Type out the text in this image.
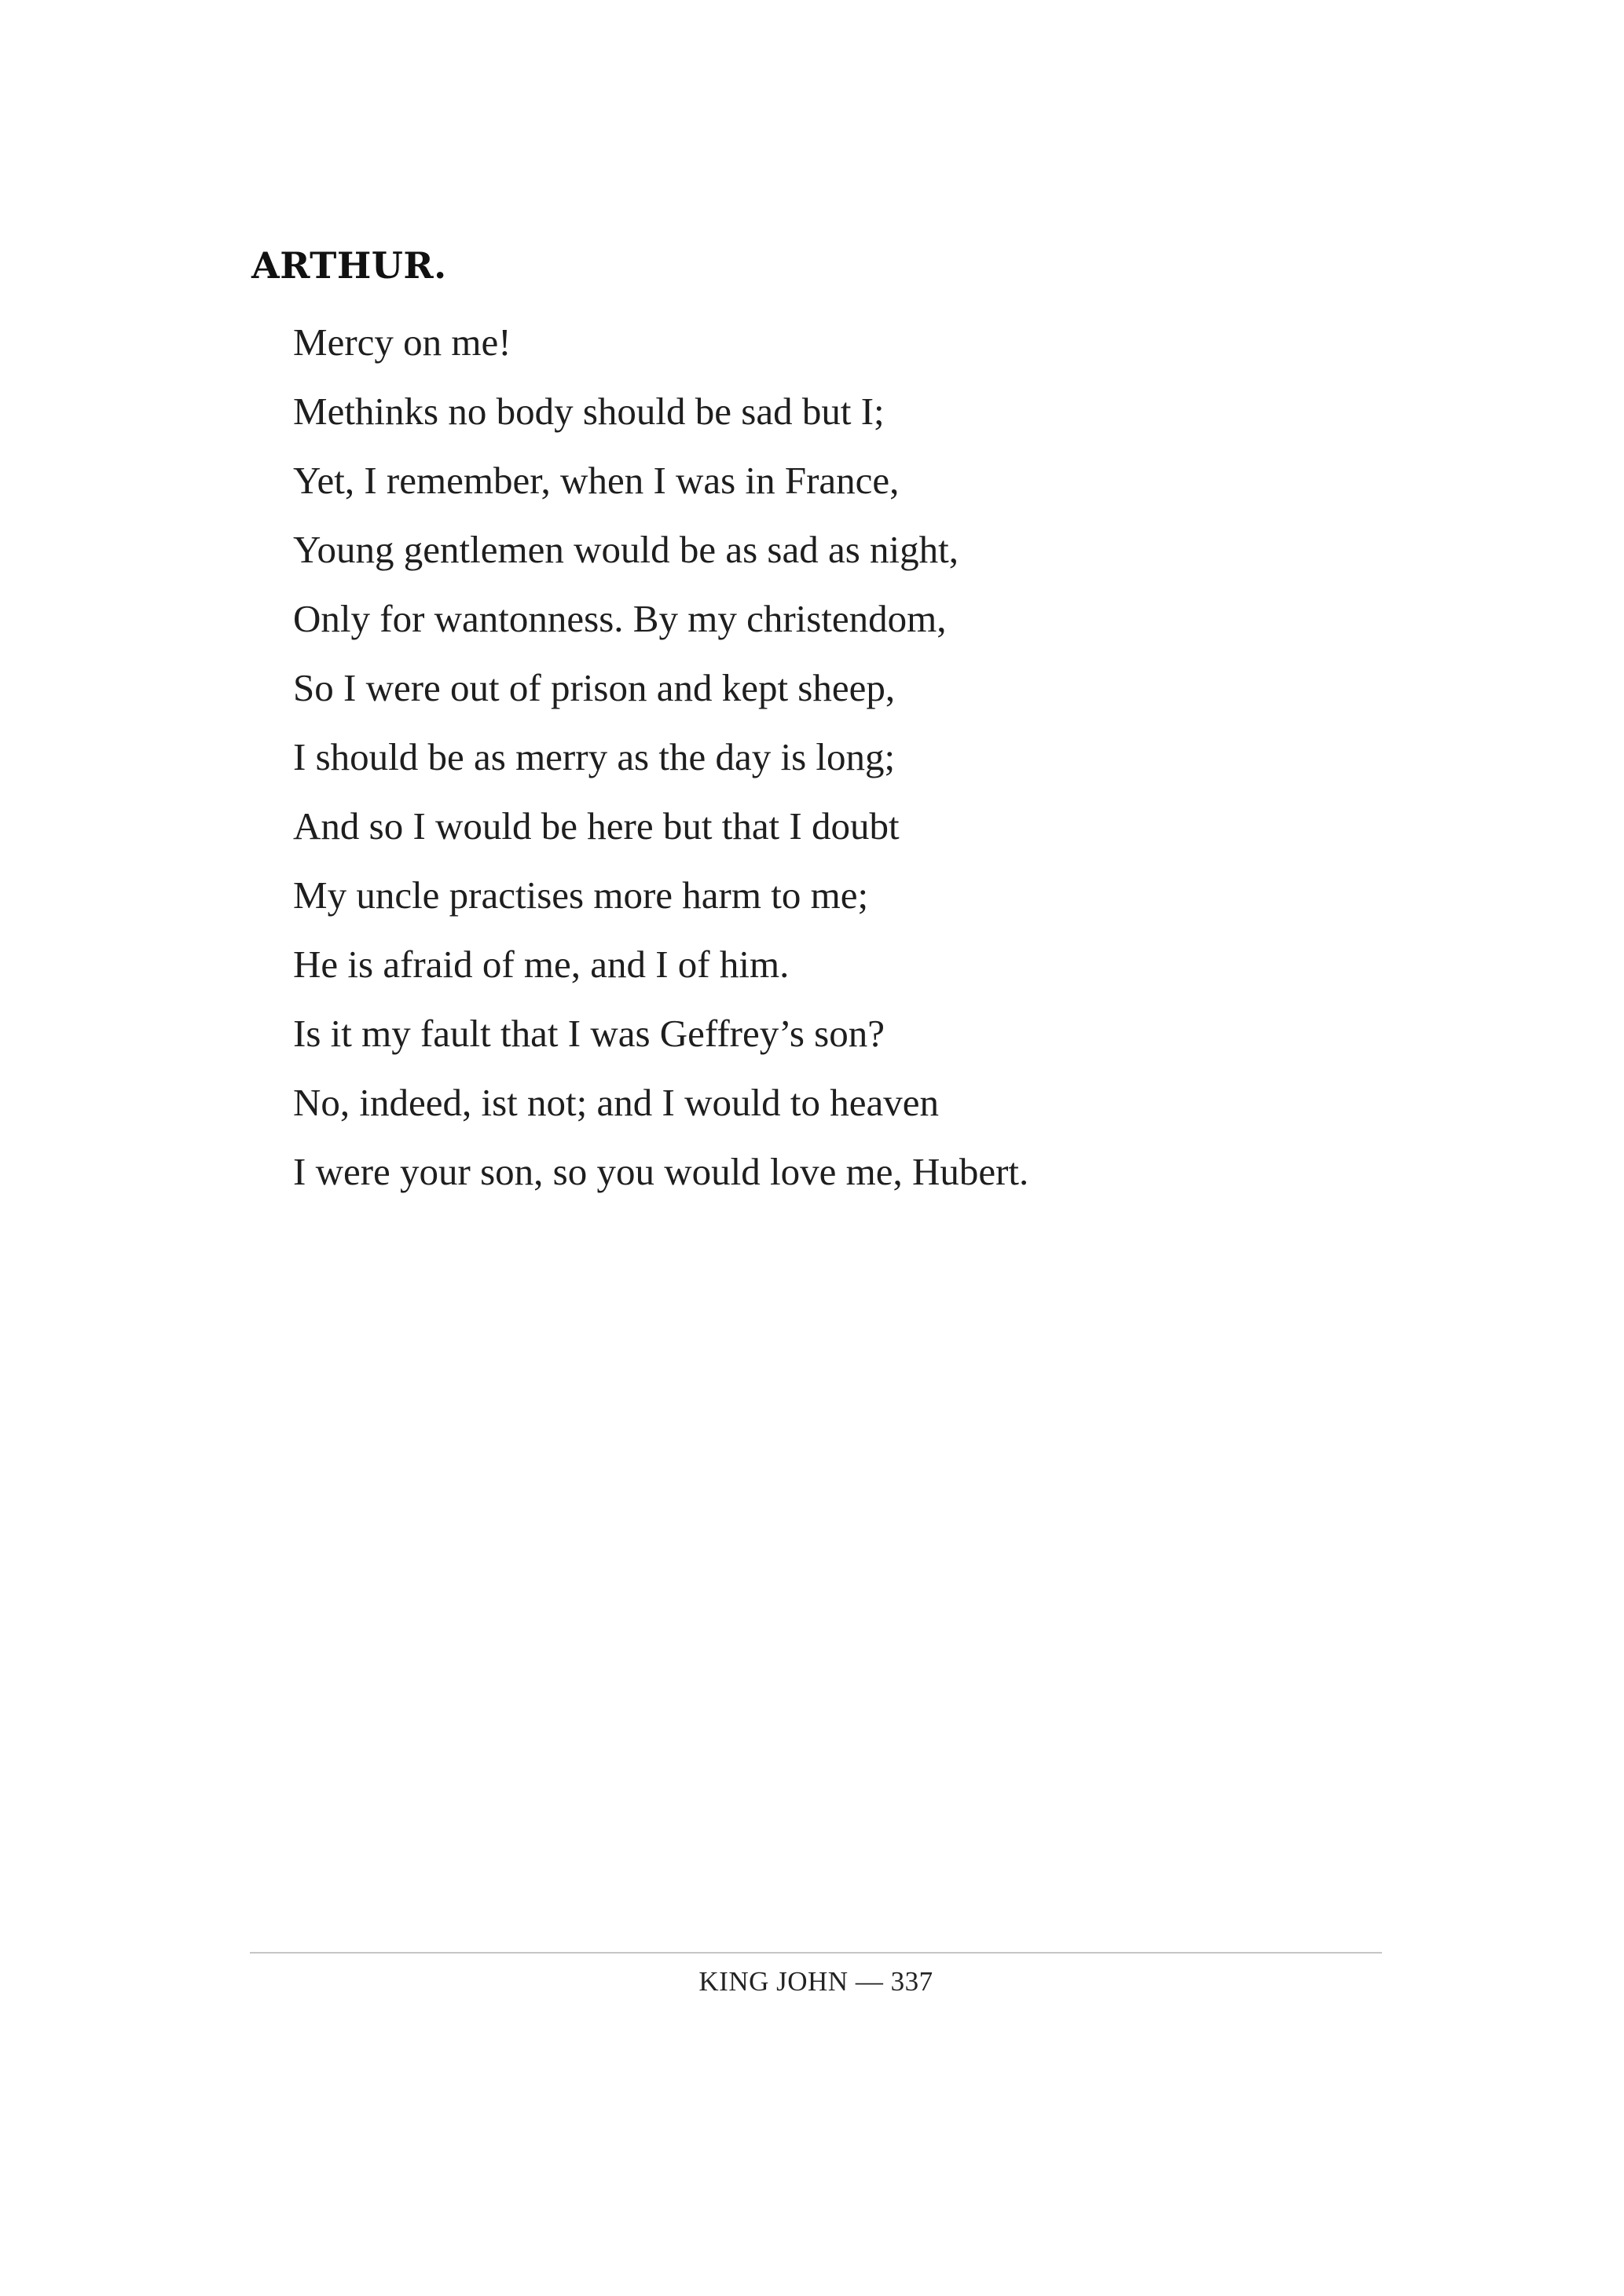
ARTHUR.
Mercy on me!
Methinks no body should be sad but I;
Yet, I remember, when I was in France,
Young gentlemen would be as sad as night,
Only for wantonness. By my christendom,
So I were out of prison and kept sheep,
I should be as merry as the day is long;
And so I would be here but that I doubt
My uncle practises more harm to me;
He is afraid of me, and I of him.
Is it my fault that I was Geffrey’s son?
No, indeed, ist not; and I would to heaven
I were your son, so you would love me, Hubert.
KING JOHN — 337
